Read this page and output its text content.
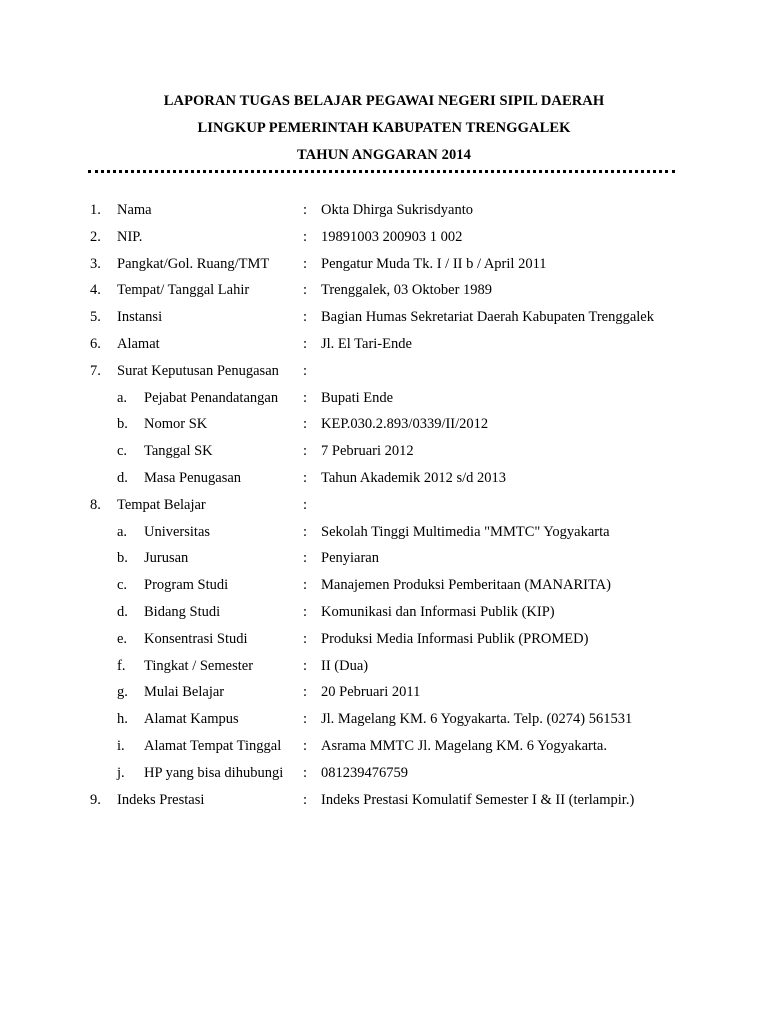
LAPORAN TUGAS BELAJAR PEGAWAI NEGERI SIPIL DAERAH
LINGKUP PEMERINTAH KABUPATEN TRENGGALEK
TAHUN ANGGARAN 2014
1. Nama	: Okta Dhirga Sukrisdyanto
2. NIP.	: 19891003 200903 1 002
3. Pangkat/Gol. Ruang/TMT : Pengatur Muda Tk. I / II b / April 2011
4. Tempat/ Tanggal Lahir	: Trenggalek, 03 Oktober 1989
5. Instansi	: Bagian Humas Sekretariat Daerah Kabupaten Trenggalek
6. Alamat	: Jl. El Tari-Ende
7. Surat Keputusan Penugasan :
a. Pejabat Penandatangan : Bupati Ende
b. Nomor SK	: KEP.030.2.893/0339/II/2012
c. Tanggal SK	: 7 Pebruari 2012
d. Masa Penugasan	: Tahun Akademik 2012 s/d 2013
8. Tempat Belajar	:
a. Universitas	: Sekolah Tinggi Multimedia "MMTC" Yogyakarta
b. Jurusan	: Penyiaran
c. Program Studi	: Manajemen Produksi Pemberitaan (MANARITA)
d. Bidang Studi	: Komunikasi dan Informasi Publik (KIP)
e. Konsentrasi Studi	: Produksi Media Informasi Publik (PROMED)
f. Tingkat / Semester	: II (Dua)
g. Mulai Belajar	: 20 Pebruari 2011
h. Alamat Kampus	: Jl. Magelang KM. 6 Yogyakarta. Telp. (0274) 561531
i. Alamat Tempat Tinggal : Asrama MMTC Jl. Magelang KM. 6 Yogyakarta.
j. HP yang bisa dihubungi : 081239476759
9. Indeks Prestasi	: Indeks Prestasi Komulatif Semester I & II (terlampir.)
